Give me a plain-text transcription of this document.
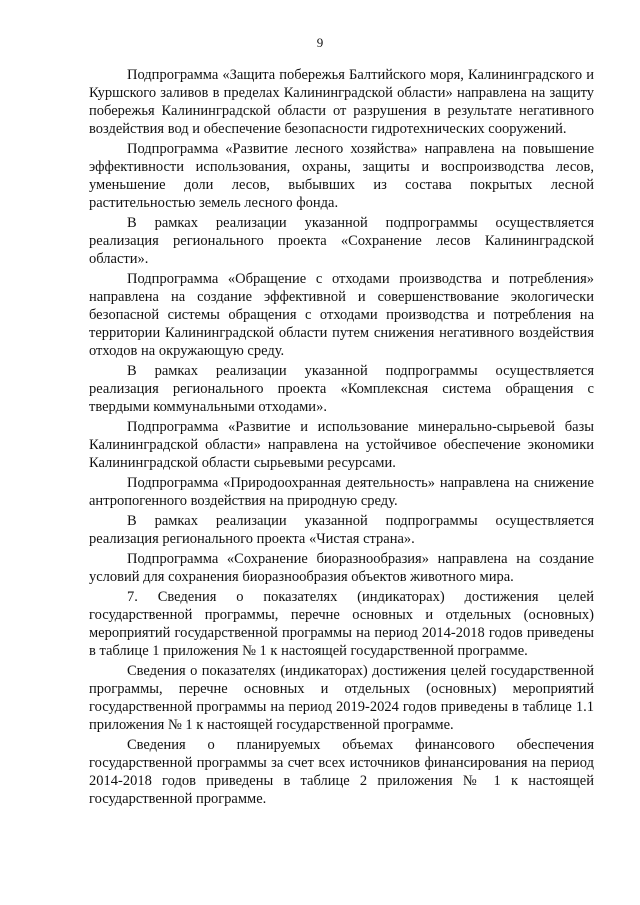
9

Подпрограмма «Защита побережья Балтийского моря, Калининградского и Куршского заливов в пределах Калининградской области» направлена на защиту побережья Калининградской области от разрушения в результате негативного воздействия вод и обеспечение безопасности гидротехнических сооружений.

Подпрограмма «Развитие лесного хозяйства» направлена на повышение эффективности использования, охраны, защиты и воспроизводства лесов, уменьшение доли лесов, выбывших из состава покрытых лесной растительностью земель лесного фонда.

В рамках реализации указанной подпрограммы осуществляется реализация регионального проекта «Сохранение лесов Калининградской области».

Подпрограмма «Обращение с отходами производства и потребления» направлена на создание эффективной и совершенствование экологически безопасной системы обращения с отходами производства и потребления на территории Калининградской области путем снижения негативного воздействия отходов на окружающую среду.

В рамках реализации указанной подпрограммы осуществляется реализация регионального проекта «Комплексная система обращения с твердыми коммунальными отходами».

Подпрограмма «Развитие и использование минерально-сырьевой базы Калининградской области» направлена на устойчивое обеспечение экономики Калининградской области сырьевыми ресурсами.

Подпрограмма «Природоохранная деятельность» направлена на снижение антропогенного воздействия на природную среду.

В рамках реализации указанной подпрограммы осуществляется реализация регионального проекта «Чистая страна».

Подпрограмма «Сохранение биоразнообразия» направлена на создание условий для сохранения биоразнообразия объектов животного мира.

7. Сведения о показателях (индикаторах) достижения целей государственной программы, перечне основных и отдельных (основных) мероприятий государственной программы на период 2014-2018 годов приведены в таблице 1 приложения № 1 к настоящей государственной программе.

Сведения о показателях (индикаторах) достижения целей государственной программы, перечне основных и отдельных (основных) мероприятий государственной программы на период 2019-2024 годов приведены в таблице 1.1 приложения № 1 к настоящей государственной программе.

Сведения о планируемых объемах финансового обеспечения государственной программы за счет всех источников финансирования на период 2014-2018 годов приведены в таблице 2 приложения № 1 к настоящей государственной программе.
